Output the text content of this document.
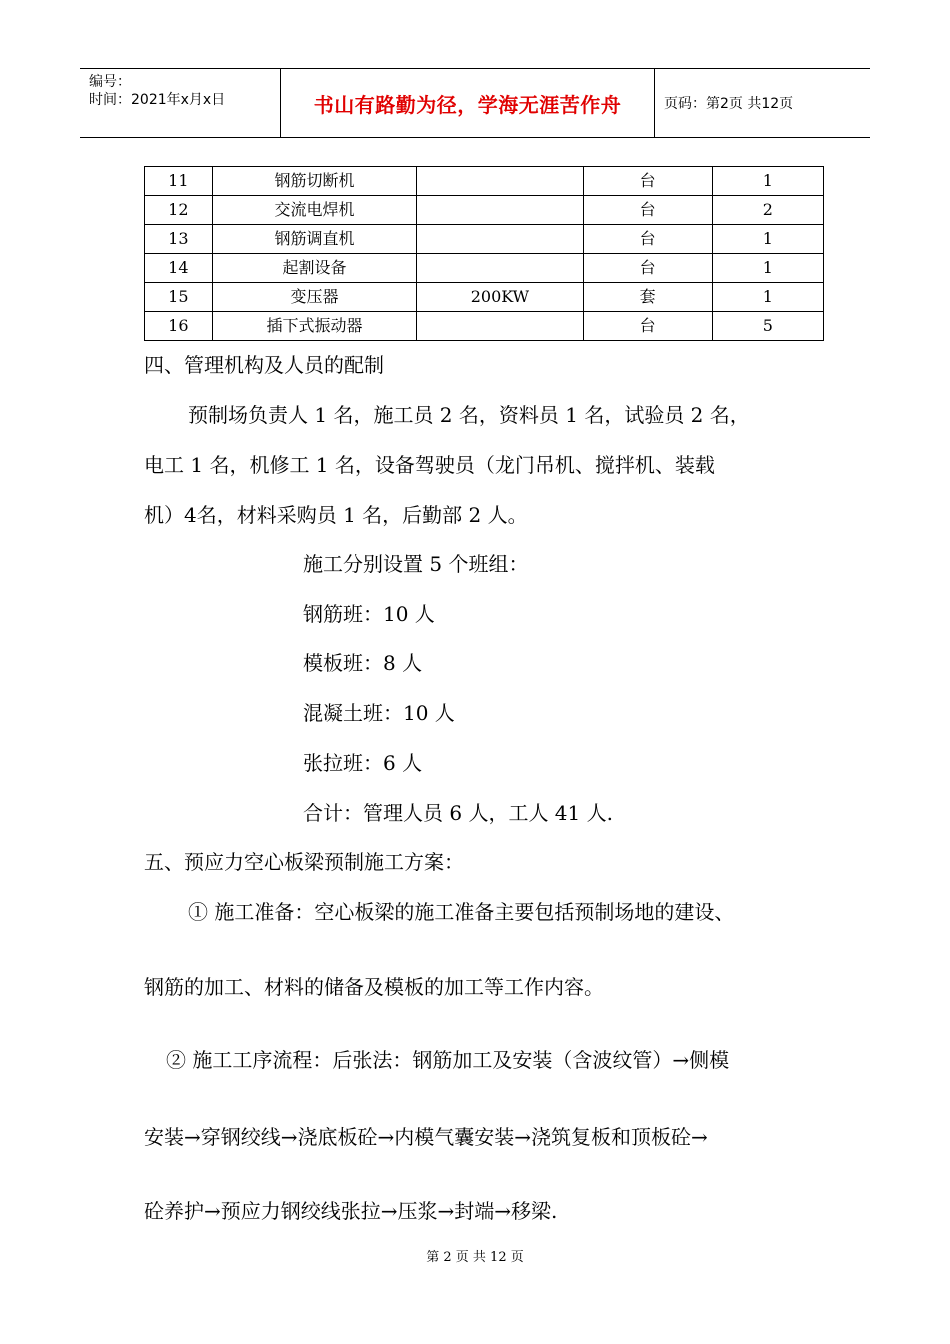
编号：
时间：2021年x月x日	书山有路勤为径，学海无涯苦作舟	页码：第2页 共12页
11	钢筋切断机		台	1
12	交流电焊机		台	2
13	钢筋调直机		台	1
14	起割设备		台	1
15	变压器	200KW	套	1
16	插下式振动器		台	5
四、管理机构及人员的配制
预制场负责人 1 名，施工员 2 名，资料员 1 名，试验员 2 名，
电工 1 名，机修工 1 名，设备驾驶员（龙门吊机、搅拌机、装载
机）4名，材料采购员 1 名，后勤部 2 人。
施工分别设置 5 个班组：
钢筋班：10 人
模板班：8 人
混凝土班：10 人
张拉班：6 人
合计：管理人员 6 人，工人 41 人.
五、预应力空心板梁预制施工方案：
① 施工准备：空心板梁的施工准备主要包括预制场地的建设、
钢筋的加工、材料的储备及模板的加工等工作内容。
② 施工工序流程：后张法：钢筋加工及安装（含波纹管）→侧模
安装→穿钢绞线→浇底板砼→内模气囊安装→浇筑复板和顶板砼→
砼养护→预应力钢绞线张拉→压浆→封端→移梁.
第 2 页 共 12 页
